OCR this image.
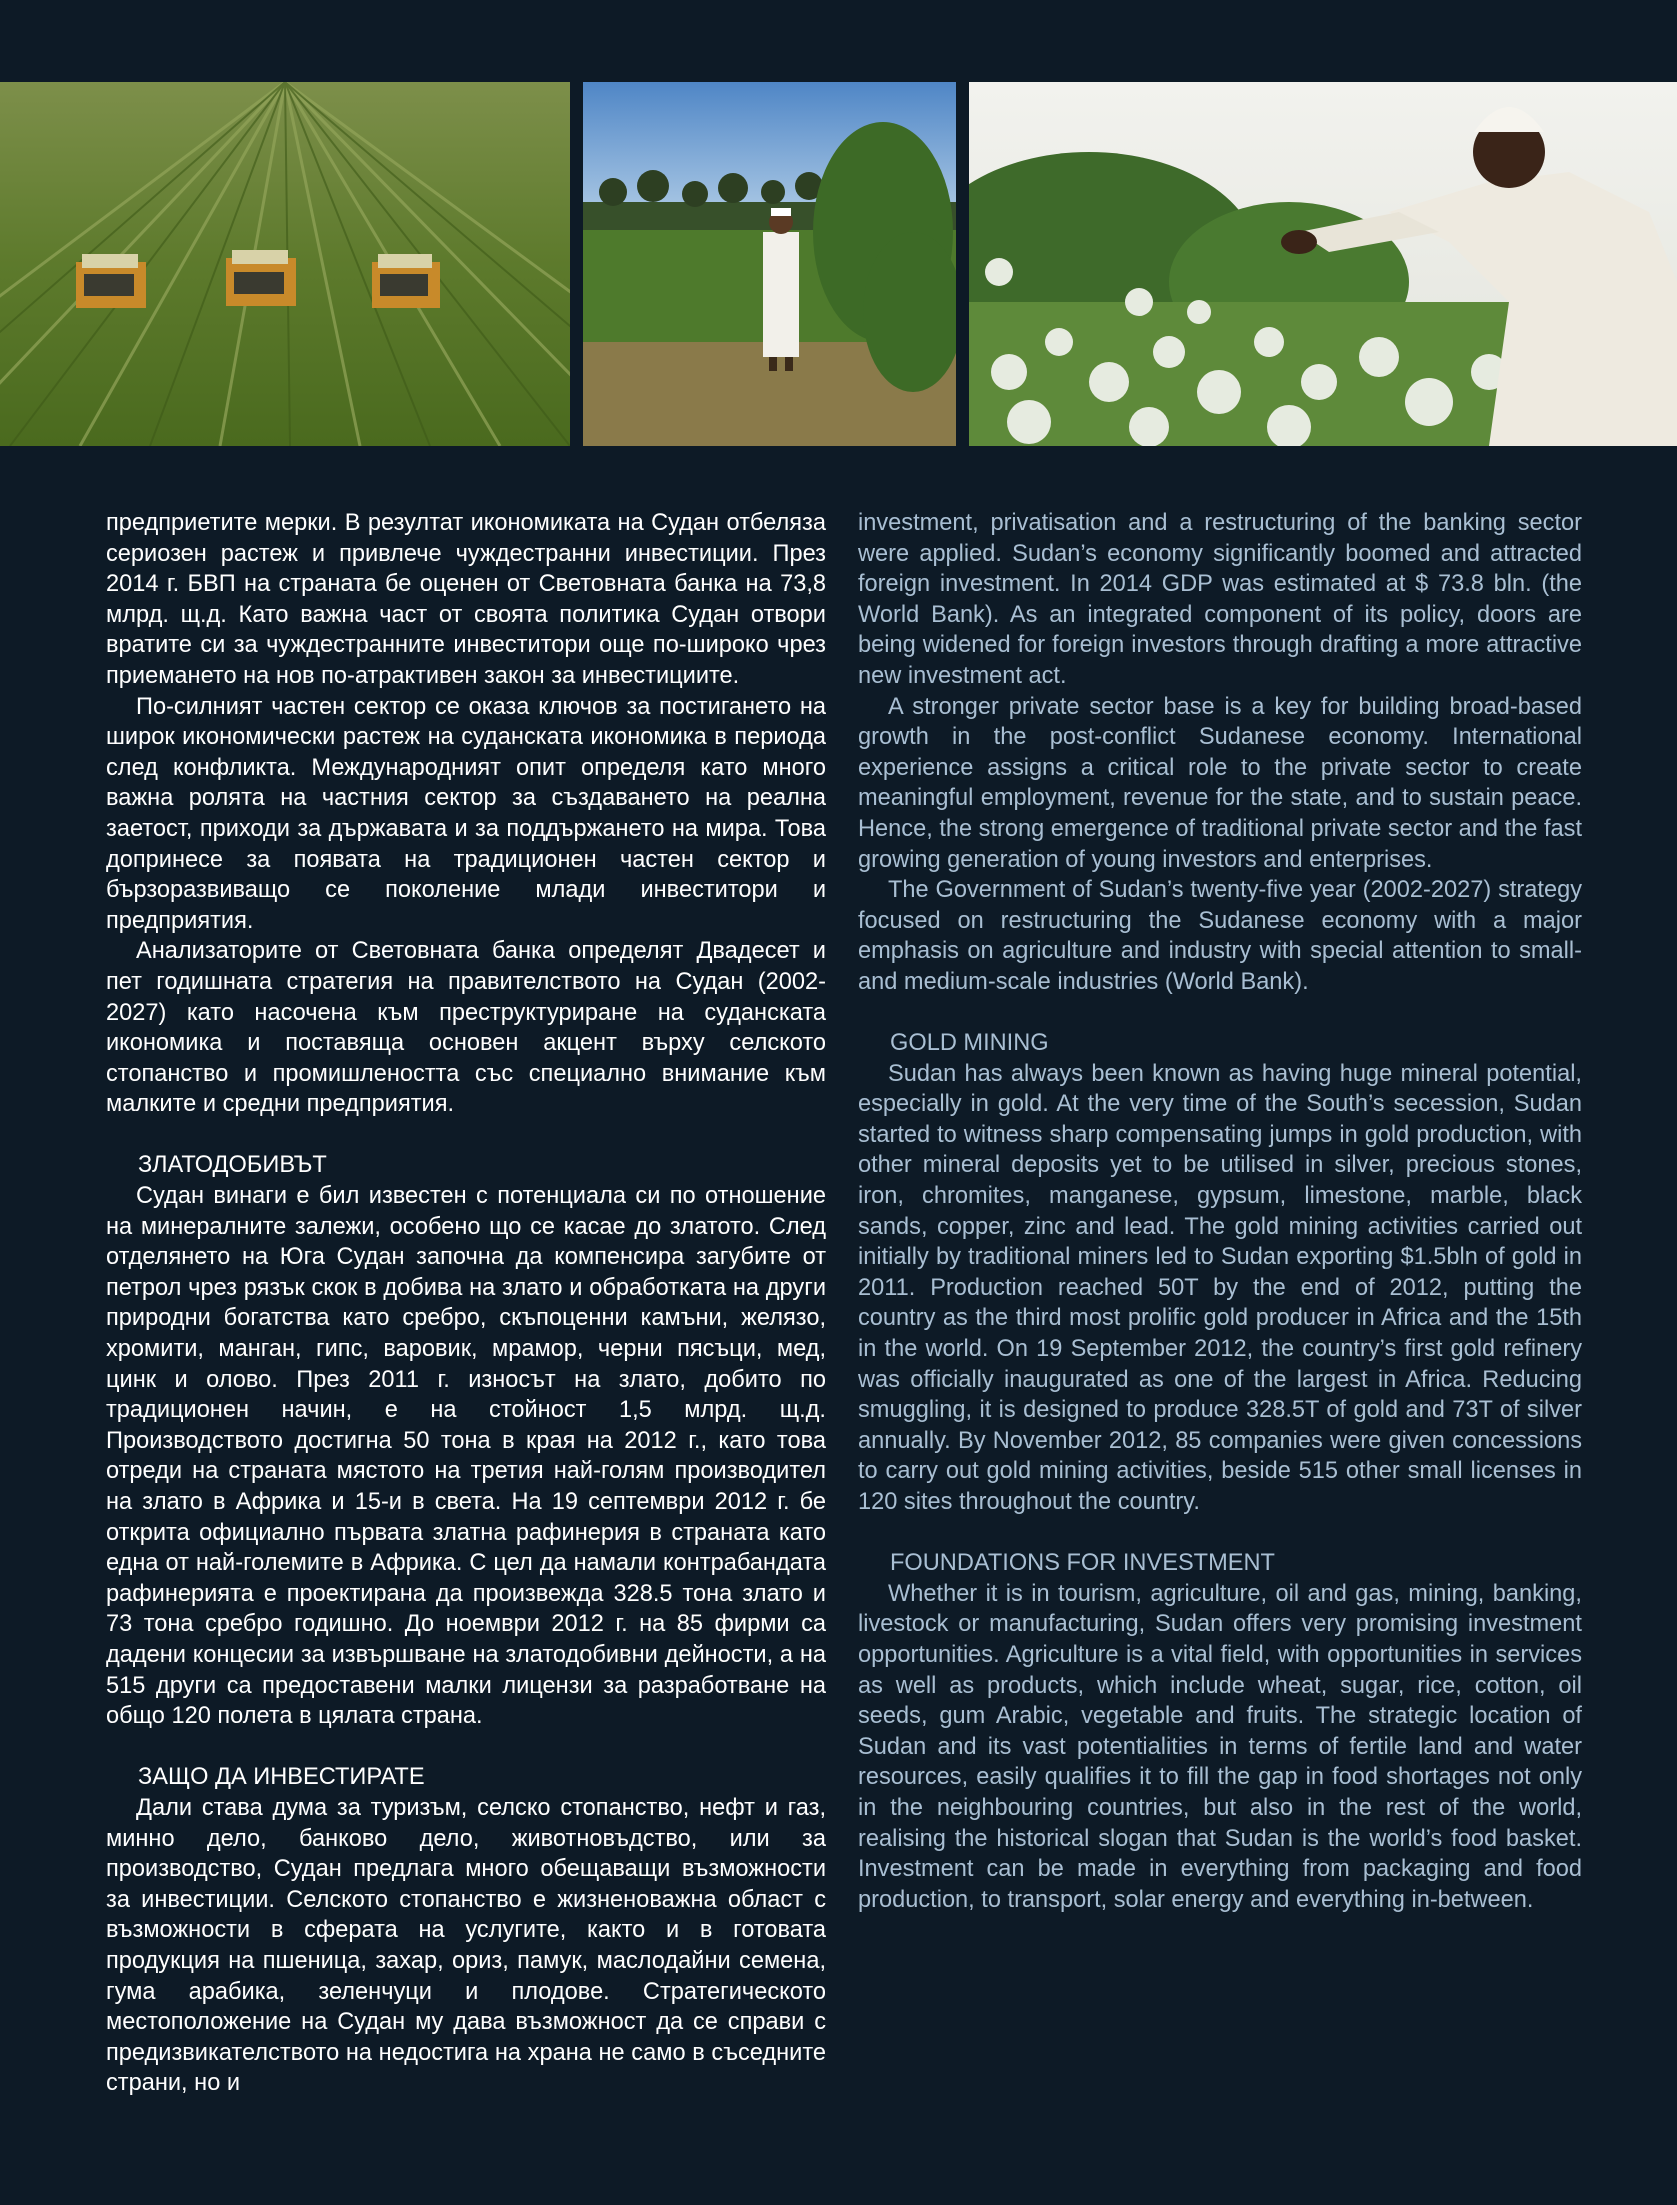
предприетите мерки. В резултат икономиката на Судан отбеляза сериозен растеж и привлече чуждестранни инвестиции. През 2014 г. БВП на страната бе оценен от Световната банка на 73,8 млрд. щ.д. Като важна част от своята политика Судан отвори вратите си за чуждестранните инвеститори още по-широко чрез приемането на нов по-атрактивен закон за инвестициите.

По-силният частен сектор се оказа ключов за постигането на широк икономически растеж на суданската икономика в периода след конфликта. Международният опит определя като много важна ролята на частния сектор за създаването на реална заетост, приходи за държавата и за поддържането на мира. Това допринесе за появата на традиционен частен сектор и бързоразвиващо се поколение млади инвеститори и предприятия.

Анализаторите от Световната банка определят Двадесет и пет годишната стратегия на правителството на Судан (2002-2027) като насочена към преструктуриране на суданската икономика и поставяща основен акцент върху селското стопанство и промишлеността със специално внимание към малките и средни предприятия.

ЗЛАТОДОБИВЪТ

Судан винаги е бил известен с потенциала си по отношение на минералните залежи, особено що се касае до златото. След отделянето на Юга Судан започна да компенсира загубите от петрол чрез рязък скок в добива на злато и обработката на други природни богатства като сребро, скъпоценни камъни, желязо, хромити, манган, гипс, варовик, мрамор, черни пясъци, мед, цинк и олово. През 2011 г. износът на злато, добито по традиционен начин, е на стойност 1,5 млрд. щ.д. Производството достигна 50 тона в края на 2012 г., като това отреди на страната мястото на третия най-голям производител на злато в Африка и 15-и в света. На 19 септември 2012 г. бе открита официално първата златна рафинерия в страната като една от най-големите в Африка. С цел да намали контрабандата рафинерията е проектирана да произвежда 328.5 тона злато и 73 тона сребро годишно. До ноември 2012 г. на 85 фирми са дадени концесии за извършване на златодобивни дейности, а на 515 други са предоставени малки лицензи за разработване на общо 120 полета в цялата страна.

ЗАЩО ДА ИНВЕСТИРАТЕ

Дали става дума за туризъм, селско стопанство, нефт и газ, минно дело, банково дело, животновъдство, или за производство, Судан предлага много обещаващи възможности за инвестиции. Селското стопанство е жизненоважна област с възможности в сферата на услугите, както и в готовата продукция на пшеница, захар, ориз, памук, маслодайни семена, гума арабика, зеленчуци и плодове. Стратегическото местоположение на Судан му дава възможност да се справи с предизвикателството на недостига на храна не само в съседните страни, но и

investment, privatisation and a restructuring of the banking sector were applied. Sudan’s economy significantly boomed and attracted foreign investment. In 2014 GDP was estimated at $ 73.8 bln. (the World Bank). As an integrated component of its policy, doors are being widened for foreign investors through drafting a more attractive new investment act.

A stronger private sector base is a key for building broad-based growth in the post-conflict Sudanese economy. International experience assigns a critical role to the private sector to create meaningful employment, revenue for the state, and to sustain peace. Hence, the strong emergence of traditional private sector and the fast growing generation of young investors and enterprises.

The Government of Sudan’s twenty-five year (2002-2027) strategy focused on restructuring the Sudanese economy with a major emphasis on agriculture and industry with special attention to small- and medium-scale industries (World Bank).

GOLD MINING

Sudan has always been known as having huge mineral potential, especially in gold. At the very time of the South’s secession, Sudan started to witness sharp compensating jumps in gold production, with other mineral deposits yet to be utilised in silver, precious stones, iron, chromites, manganese, gypsum, limestone, marble, black sands, copper, zinc and lead. The gold mining activities carried out initially by traditional miners led to Sudan exporting $1.5bln of gold in 2011. Production reached 50T by the end of 2012, putting the country as the third most prolific gold producer in Africa and the 15th in the world. On 19 September 2012, the country’s first gold refinery was officially inaugurated as one of the largest in Africa. Reducing smuggling, it is designed to produce 328.5T of gold and 73T of silver annually. By November 2012, 85 companies were given concessions to carry out gold mining activities, beside 515 other small licenses in 120 sites throughout the country.

FOUNDATIONS FOR INVESTMENT

Whether it is in tourism, agriculture, oil and gas, mining, banking, livestock or manufacturing, Sudan offers very promising investment opportunities. Agriculture is a vital field, with opportunities in services as well as products, which include wheat, sugar, rice, cotton, oil seeds, gum Arabic, vegetable and fruits. The strategic location of Sudan and its vast potentialities in terms of fertile land and water resources, easily qualifies it to fill the gap in food shortages not only in the neighbouring countries, but also in the rest of the world, realising the historical slogan that Sudan is the world’s food basket. Investment can be made in everything from packaging and food production, to transport, solar energy and everything in-between.
